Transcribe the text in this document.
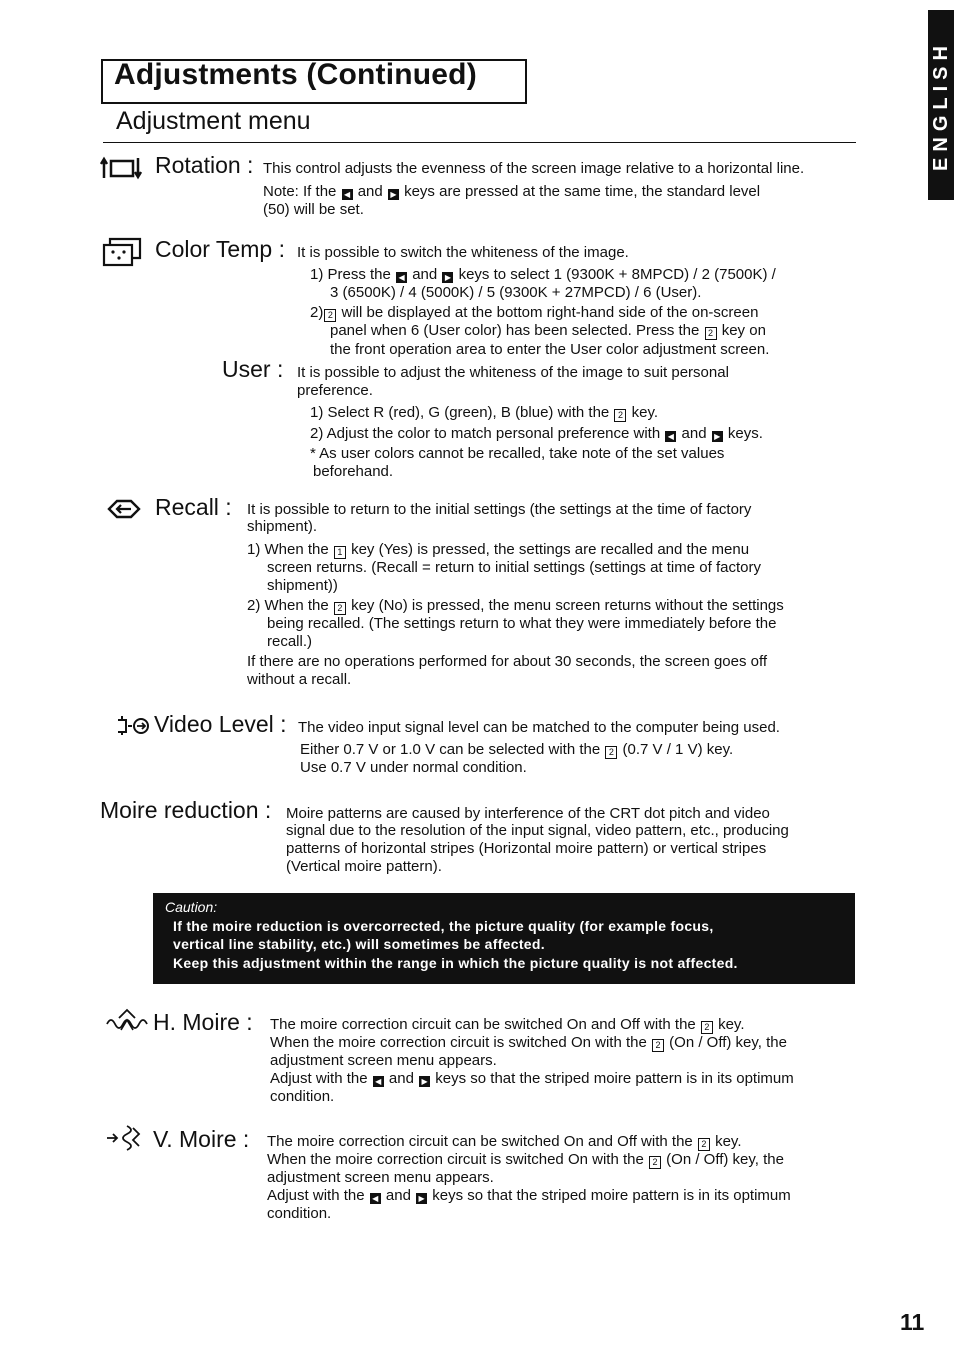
Adjustments (Continued)
Adjustment menu	ENGLISH
Rotation : This control adjusts the evenness of the screen image relative to a horizontal line.
Note: If the ◀ and ▶ keys are pressed at the same time, the standard level
(50) will be set.
Color Temp : It is possible to switch the whiteness of the image.
1) Press the ◀ and ▶ keys to select 1 (9300K + 8MPCD) / 2 (7500K) /
3 (6500K) / 4 (5000K) / 5 (9300K + 27MPCD) / 6 (User).
2) 2 will be displayed at the bottom right-hand side of the on-screen
panel when 6 (User color) has been selected. Press the 2 key on
the front operation area to enter the User color adjustment screen.
User : It is possible to adjust the whiteness of the image to suit personal
preference.
1) Select R (red), G (green), B (blue) with the 2 key.
2) Adjust the color to match personal preference with ◀ and ▶ keys.
* As user colors cannot be recalled, take note of the set values
beforehand.
Recall : It is possible to return to the initial settings (the settings at the time of factory
shipment).
1) When the 1 key (Yes) is pressed, the settings are recalled and the menu
screen returns. (Recall = return to initial settings (settings at time of factory
shipment))
2) When the 2 key (No) is pressed, the menu screen returns without the settings
being recalled. (The settings return to what they were immediately before the
recall.)
If there are no operations performed for about 30 seconds, the screen goes off
without a recall.
Video Level : The video input signal level can be matched to the computer being used.
Either 0.7 V or 1.0 V can be selected with the 2 (0.7 V / 1 V) key.
Use 0.7 V under normal condition.
Moire reduction : Moire patterns are caused by interference of the CRT dot pitch and video
signal due to the resolution of the input signal, video pattern, etc., producing
patterns of horizontal stripes (Horizontal moire pattern) or vertical stripes
(Vertical moire pattern).
Caution:
If the moire reduction is overcorrected, the picture quality (for example focus,
vertical line stability, etc.) will sometimes be affected.
Keep this adjustment within the range in which the picture quality is not affected.
H. Moire : The moire correction circuit can be switched On and Off with the 2 key.
When the moire correction circuit is switched On with the 2 (On / Off) key, the
adjustment screen menu appears.
Adjust with the ◀ and ▶ keys so that the striped moire pattern is in its optimum
condition.
V. Moire : The moire correction circuit can be switched On and Off with the 2 key.
When the moire correction circuit is switched On with the 2 (On / Off) key, the
adjustment screen menu appears.
Adjust with the ◀ and ▶ keys so that the striped moire pattern is in its optimum
condition.
11
